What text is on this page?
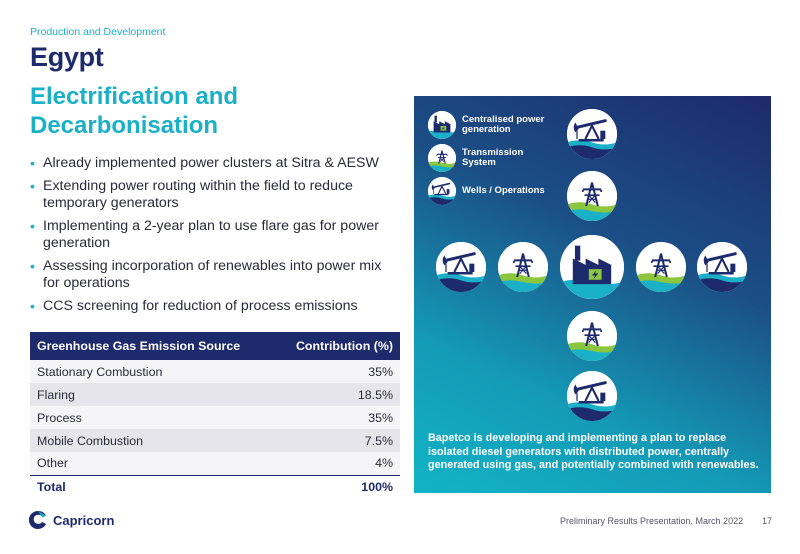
Production and Development
Egypt
Electrification and Decarbonisation
• Already implemented power clusters at Sitra & AESW
• Extending power routing within the field to reduce temporary generators
• Implementing a 2-year plan to use flare gas for power generation
• Assessing incorporation of renewables into power mix for operations
• CCS screening for reduction of process emissions
Greenhouse Gas Emission Source	Contribution (%)
Stationary Combustion	35%
Flaring	18.5%
Process	35%
Mobile Combustion	7.5%
Other	4%
Total	100%
Centralised power generation
Transmission System
Wells / Operations

Bapetco is developing and implementing a plan to replace isolated diesel generators with distributed power, centrally generated using gas, and potentially combined with renewables.

Capricorn	Preliminary Results Presentation, March 2022 17
